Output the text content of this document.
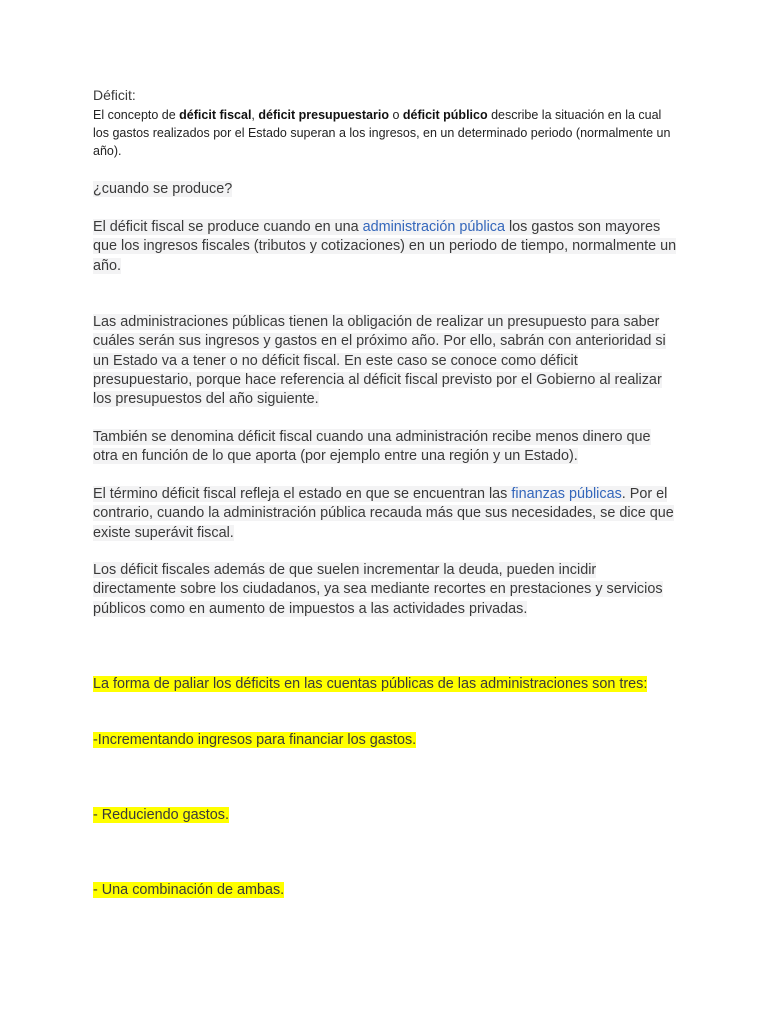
Déficit:
El concepto de déficit fiscal, déficit presupuestario o déficit público describe la situación en la cual los gastos realizados por el Estado superan a los ingresos, en un determinado periodo (normalmente un año).
¿cuando se produce?
El déficit fiscal se produce cuando en una administración pública los gastos son mayores que los ingresos fiscales (tributos y cotizaciones) en un periodo de tiempo, normalmente un año.
Las administraciones públicas tienen la obligación de realizar un presupuesto para saber cuáles serán sus ingresos y gastos en el próximo año. Por ello, sabrán con anterioridad si un Estado va a tener o no déficit fiscal. En este caso se conoce como déficit presupuestario, porque hace referencia al déficit fiscal previsto por el Gobierno al realizar los presupuestos del año siguiente.
También se denomina déficit fiscal cuando una administración recibe menos dinero que otra en función de lo que aporta (por ejemplo entre una región y un Estado).
El término déficit fiscal refleja el estado en que se encuentran las finanzas públicas. Por el contrario, cuando la administración pública recauda más que sus necesidades, se dice que existe superávit fiscal.
Los déficit fiscales además de que suelen incrementar la deuda, pueden incidir directamente sobre los ciudadanos, ya sea mediante recortes en prestaciones y servicios públicos como en aumento de impuestos a las actividades privadas.
La forma de paliar los déficits en las cuentas públicas de las administraciones son tres:
-Incrementando ingresos para financiar los gastos.
- Reduciendo gastos.
- Una combinación de ambas.
